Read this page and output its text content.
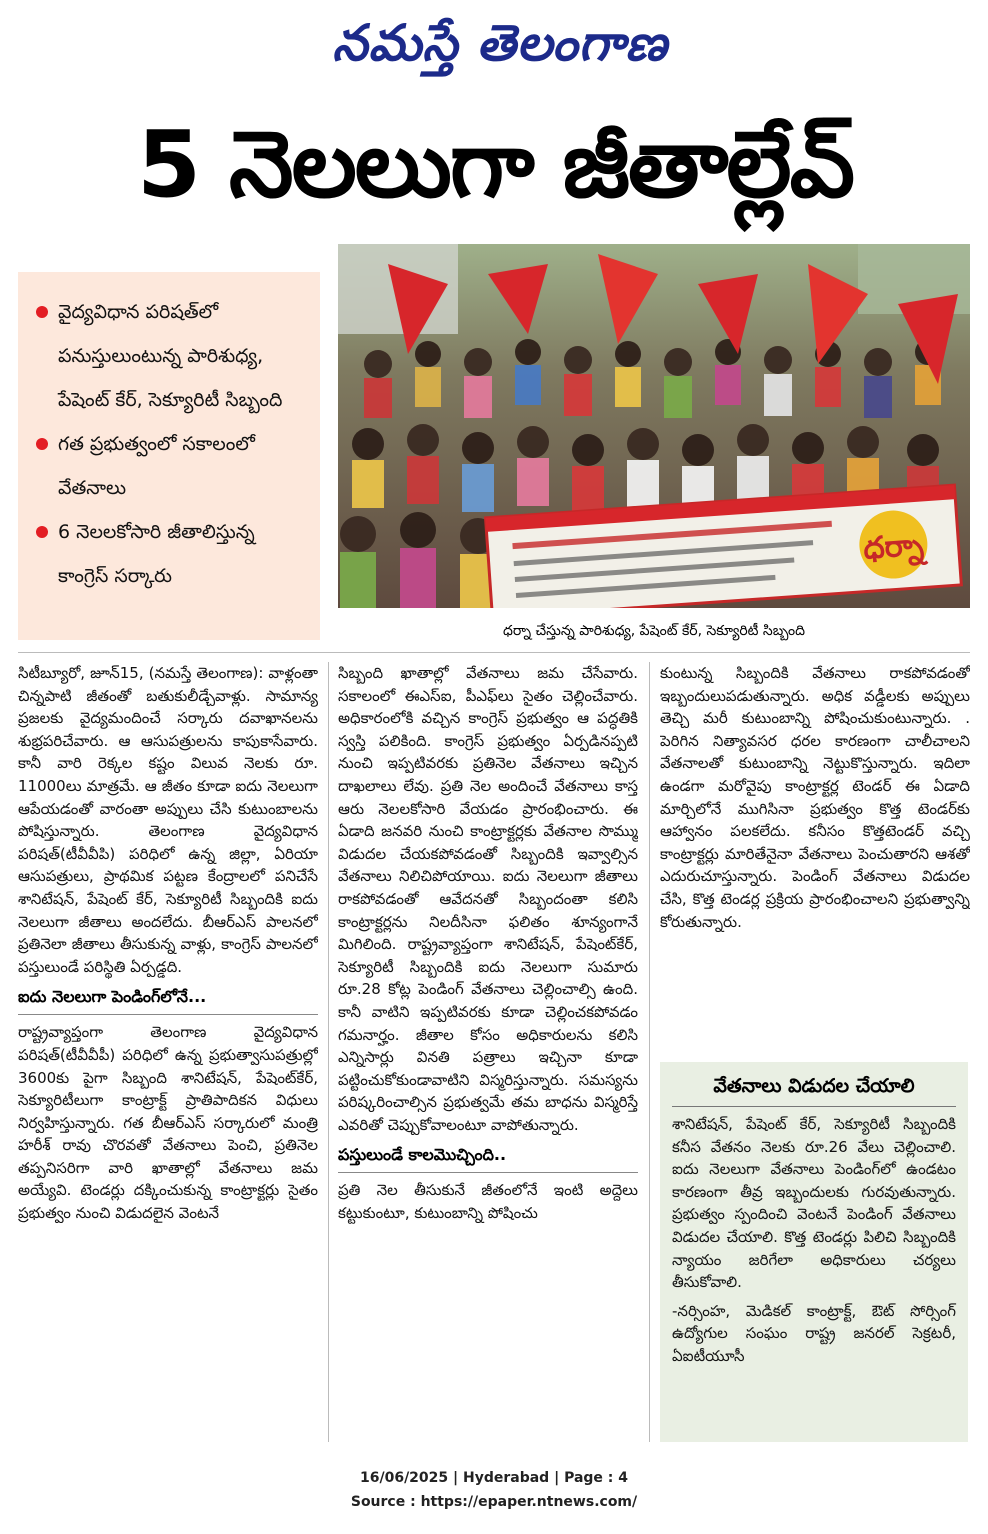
నమస్తే తెలంగాణ
5 నెలలుగా జీతాల్లేవ్
వైద్యవిధాన పరిషత్‌లో పనుస్తులుంటున్న పారిశుధ్య, పేషెంట్ కేర్, సెక్యూరిటీ సిబ్బంది
గత ప్రభుత్వంలో సకాలంలో వేతనాలు
6 నెలలకోసారి జీతాలిస్తున్న కాంగ్రెస్ సర్కారు
ధర్నా
ధర్నా చేస్తున్న పారిశుధ్య, పేషెంట్ కేర్, సెక్యూరిటీ సిబ్బంది

సిటీబ్యూరో, జూన్15, (నమస్తే తెలంగాణ): వాళ్లంతా చిన్నపాటి జీతంతో బతుకులీడ్చేవాళ్లు. సామాన్య ప్రజలకు వైద్యమందించే సర్కారు దవాఖానలను శుభ్రపరిచేవారు. ఆ ఆసుపత్రులను కాపుకాసేవారు. కానీ వారి రెక్కల కష్టం విలువ నెలకు రూ. 11000లు మాత్రమే. ఆ జీతం కూడా ఐదు నెలలుగా ఆపేయడంతో వారంతా అప్పులు చేసి కుటుంబాలను పోషిస్తున్నారు. తెలంగాణ వైద్యవిధాన పరిషత్(టీవీవీపి) పరిధిలో ఉన్న జిల్లా, ఏరియా ఆసుపత్రులు, ప్రాథమిక పట్టణ కేంద్రాలలో పనిచేసే శానిటేషన్, పేషెంట్ కేర్, సెక్యూరిటీ సిబ్బందికి ఐదు నెలలుగా జీతాలు అందలేదు. బీఆర్ఎస్ పాలనలో ప్రతినెలా జీతాలు తీసుకున్న వాళ్లు, కాంగ్రెస్ పాలనలో పస్తులుండే పరిస్థితి ఏర్పడ్డది.

ఐదు నెలలుగా పెండింగ్‌లోనే...

రాష్ట్రవ్యాప్తంగా తెలంగాణ వైద్యవిధాన పరిషత్(టీవీవీపీ) పరిధిలో ఉన్న ప్రభుత్వాసుపత్రుల్లో 3600కు పైగా సిబ్బంది శానిటేషన్, పేషెంట్‌కేర్, సెక్యూరిటీలుగా కాంట్రాక్ట్ ప్రాతిపాదికన విధులు నిర్వహిస్తున్నారు. గత బీఆర్ఎస్ సర్కారులో మంత్రి హరీశ్ రావు చొరవతో వేతనాలు పెంచి, ప్రతినెల తప్పనిసరిగా వారి ఖాతాల్లో వేతనాలు జమ అయ్యేవి. టెండర్లు దక్కించుకున్న కాంట్రాక్టర్లు సైతం ప్రభుత్వం నుంచి విడుదలైన వెంటనే

సిబ్బంది ఖాతాల్లో వేతనాలు జమ చేసేవారు. సకాలంలో ఈఎస్ఐ, పీఎఫ్‌లు సైతం చెల్లించేవారు. అధికారంలోకి వచ్చిన కాంగ్రెస్ ప్రభుత్వం ఆ పద్ధతికి స్వస్తి పలికింది. కాంగ్రెస్ ప్రభుత్వం ఏర్పడినప్పటి నుంచి ఇప్పటివరకు ప్రతినెల వేతనాలు ఇచ్చిన దాఖలాలు లేవు. ప్రతి నెల అందించే వేతనాలు కాస్త ఆరు నెలలకోసారి వేయడం ప్రారంభించారు. ఈ ఏడాది జనవరి నుంచి కాంట్రాక్టర్లకు వేతనాల సొమ్ము విడుదల చేయకపోవడంతో సిబ్బందికి ఇవ్వాల్సిన వేతనాలు నిలిచిపోయాయి. ఐదు నెలలుగా జీతాలు రాకపోవడంతో ఆవేదనతో సిబ్బందంతా కలిసి కాంట్రాక్టర్లను నిలదీసినా ఫలితం శూన్యంగానే మిగిలింది. రాష్ట్రవ్యాప్తంగా శానిటేషన్, పేషెంట్‌కేర్, సెక్యూరిటీ సిబ్బందికి ఐదు నెలలుగా సుమారు రూ.28 కోట్ల పెండింగ్ వేతనాలు చెల్లించాల్సి ఉంది. కానీ వాటిని ఇప్పటివరకు కూడా చెల్లించకపోవడం గమనార్హం. జీతాల కోసం అధికారులను కలిసి ఎన్నిసార్లు వినతి పత్రాలు ఇచ్చినా కూడా పట్టించుకోకుండావాటిని విస్మరిస్తున్నారు. సమస్యను పరిష్కరించాల్సిన ప్రభుత్వమే తమ బాధను విస్మరిస్తే ఎవరితో చెప్పుకోవాలంటూ వాపోతున్నారు.

పస్తులుండే కాలమొచ్చింది..

ప్రతి నెల తీసుకునే జీతంలోనే ఇంటి అద్దెలు కట్టుకుంటూ, కుటుంబాన్ని పోషించు

కుంటున్న సిబ్బందికి వేతనాలు రాకపోవడంతో ఇబ్బందులుపడుతున్నారు. అధిక వడ్డీలకు అప్పులు తెచ్చి మరీ కుటుంబాన్ని పోషించుకుంటున్నారు. . పెరిగిన నిత్యావసర ధరల కారణంగా చాలీచాలని వేతనాలతో కుటుంబాన్ని నెట్టుకొస్తున్నారు. ఇదిలా ఉండగా మరోవైపు కాంట్రాక్టర్ల టెండర్ ఈ ఏడాది మార్చిలోనే ముగిసినా ప్రభుత్వం కొత్త టెండర్‌కు ఆహ్వానం పలకలేదు. కనీసం కొత్తటెండర్ వచ్చి కాంట్రాక్టర్లు మారితేనైనా వేతనాలు పెంచుతారని ఆశతో ఎదురుచూస్తున్నారు. పెండింగ్ వేతనాలు విడుదల చేసి, కొత్త టెండర్ల ప్రక్రియ ప్రారంభించాలని ప్రభుత్వాన్ని కోరుతున్నారు.

వేతనాలు విడుదల చేయాలి

శానిటేషన్, పేషెంట్ కేర్, సెక్యూరిటీ సిబ్బందికి కనీస వేతనం నెలకు రూ.26 వేలు చెల్లించాలి. ఐదు నెలలుగా వేతనాలు పెండింగ్‌లో ఉండటం కారణంగా తీవ్ర ఇబ్బందులకు గురవుతున్నారు. ప్రభుత్వం స్పందించి వెంటనే పెండింగ్ వేతనాలు విడుదల చేయాలి. కొత్త టెండర్లు పిలిచి సిబ్బందికి న్యాయం జరిగేలా అధికారులు చర్యలు తీసుకోవాలి.

-నర్సింహ, మెడికల్ కాంట్రాక్ట్, ఔట్ సోర్సింగ్ ఉద్యోగుల సంఘం రాష్ట్ర జనరల్ సెక్రటరీ, ఏఐటీయూసీ

16/06/2025 | Hyderabad | Page : 4
Source : https://epaper.ntnews.com/
